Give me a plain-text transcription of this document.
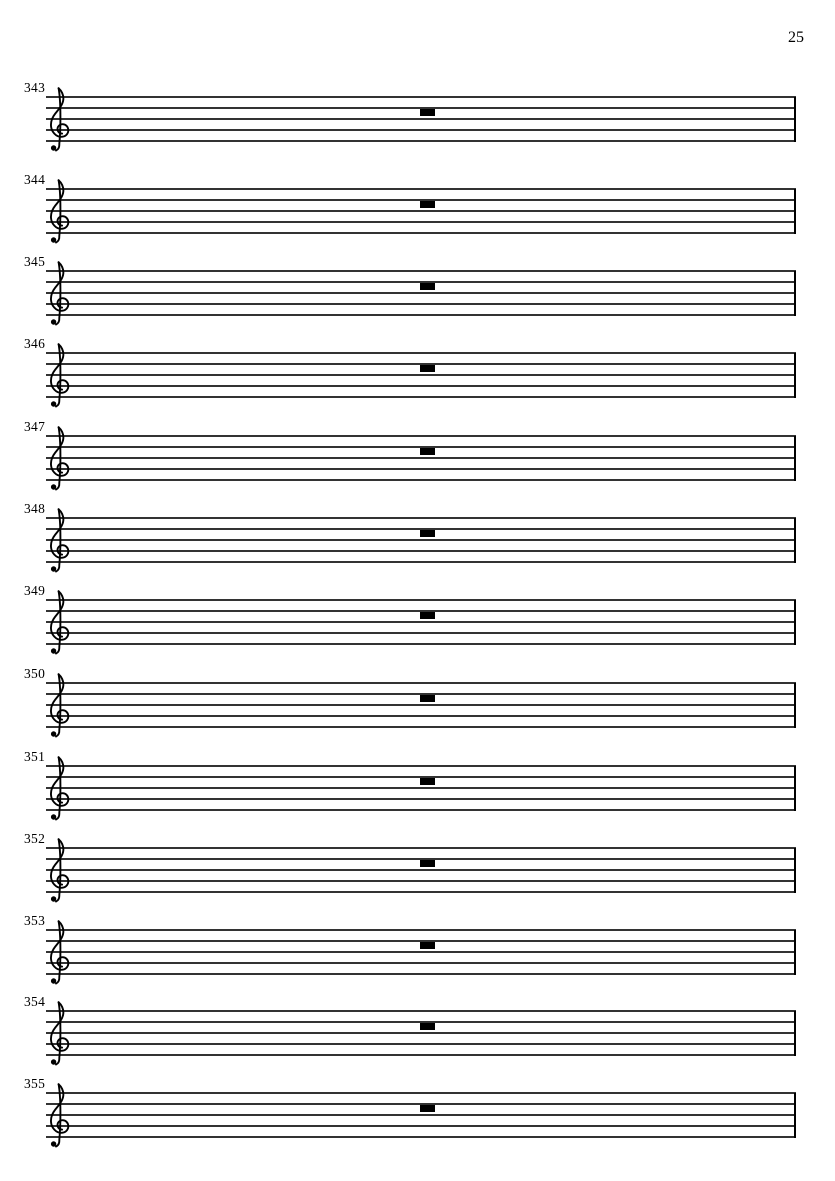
25
343
344
345
346
347
348
349
350
351
352
353
354
355
